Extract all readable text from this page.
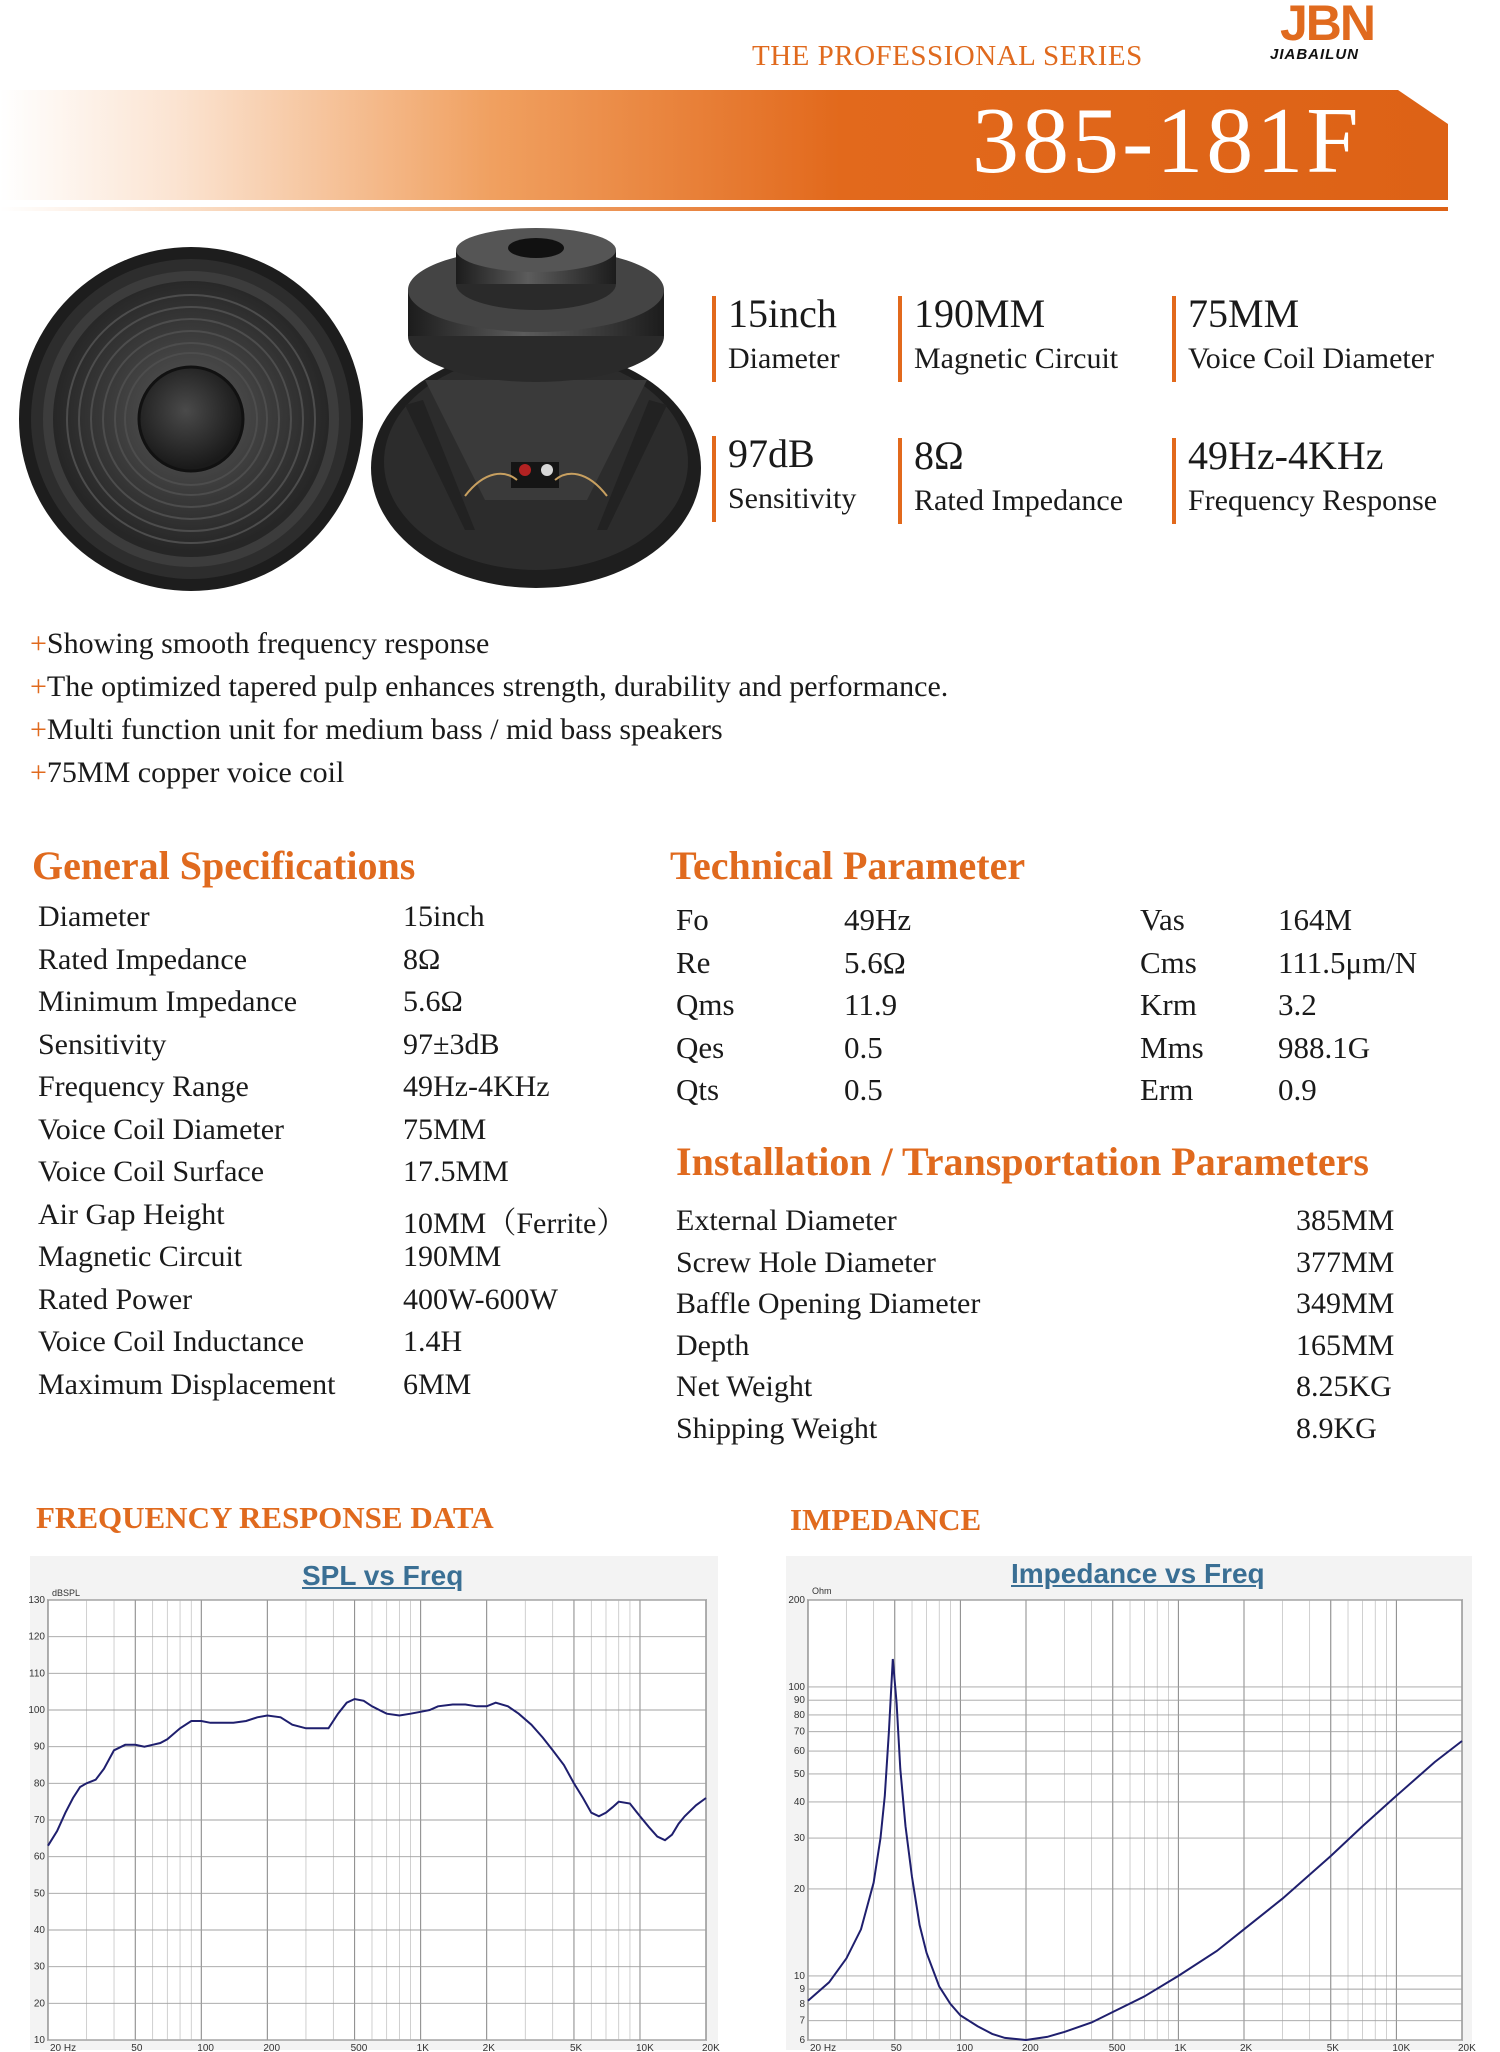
THE PROFESSIONAL SERIES
JBN
JIABAILUN
385-181F
15inch
Diameter
190MM
Magnetic Circuit
75MM
Voice Coil Diameter
97dB
Sensitivity
8Ω
Rated Impedance
49Hz-4KHz
Frequency Response
+Showing smooth frequency response
+The optimized tapered pulp enhances strength, durability and performance.
+Multi function unit for medium bass / mid bass speakers
+75MM copper voice coil
General Specifications
Diameter	15inch
Rated Impedance	8Ω
Minimum Impedance	5.6Ω
Sensitivity	97±3dB
Frequency Range	49Hz-4KHz
Voice Coil Diameter	75MM
Voice Coil Surface	17.5MM
Air Gap Height	10MM（Ferrite）
Magnetic Circuit	190MM
Rated Power	400W-600W
Voice Coil Inductance	1.4H
Maximum Displacement 6MM
Technical Parameter
Fo	49Hz	Vas	164M
Re	5.6Ω	Cms	111.5μm/N
Qms	11.9	Krm	3.2
Qes	0.5	Mms 988.1G
Qts	0.5	Erm	0.9
Installation / Transportation Parameters
External Diameter	385MM
Screw Hole Diameter	377MM
Baffle Opening Diameter	349MM
Depth	165MM
Net Weight	8.25KG
Shipping Weight	8.9KG
FREQUENCY RESPONSE DATA	IMPEDANCE
SPL vs Freq
dBSPL
20 Hz	50	100	200	500	1K	2K	5K	10K	20K
10
20
30
40
50
60
70
80
90
100
110
120
130
Impedance vs Freq
Ohm
20 Hz	50	100	200	500	1K	2K	5K	10K	20K
6
7
8
9
10
20
30
40
50
60
70
80
90
100
200
